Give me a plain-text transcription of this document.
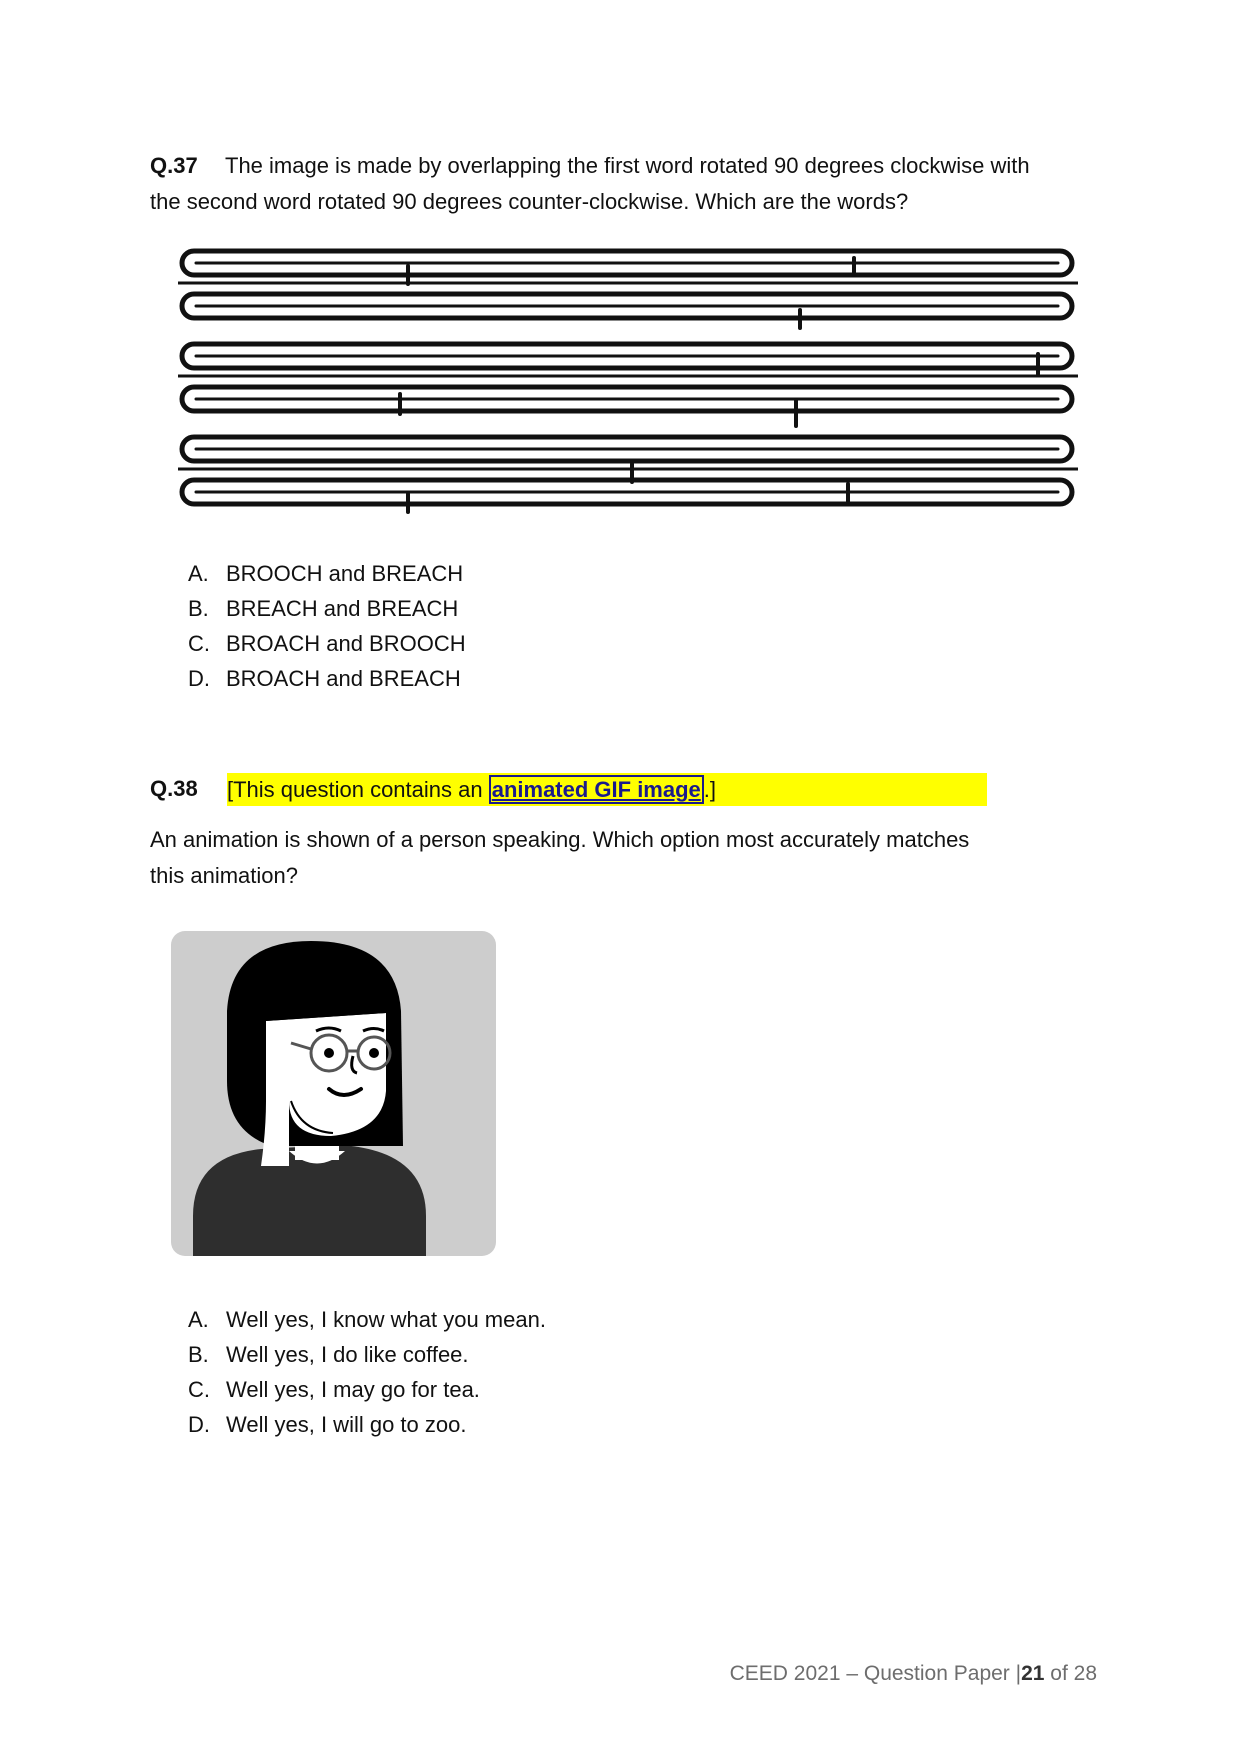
Q.37 The image is made by overlapping the first word rotated 90 degrees clockwise with
the second word rotated 90 degrees counter-clockwise. Which are the words?
A. BROOCH and BREACH
B. BREACH and BREACH
C. BROACH and BROOCH
D. BROACH and BREACH
Q.38	[This question contains an animated GIF image .]
An animation is shown of a person speaking. Which option most accurately matches
this animation?
A. Well yes, I know what you mean.
B. Well yes, I do like coffee.
C. Well yes, I may go for tea.
D. Well yes, I will go to zoo.
CEED 2021 – Question Paper |21 of 28
